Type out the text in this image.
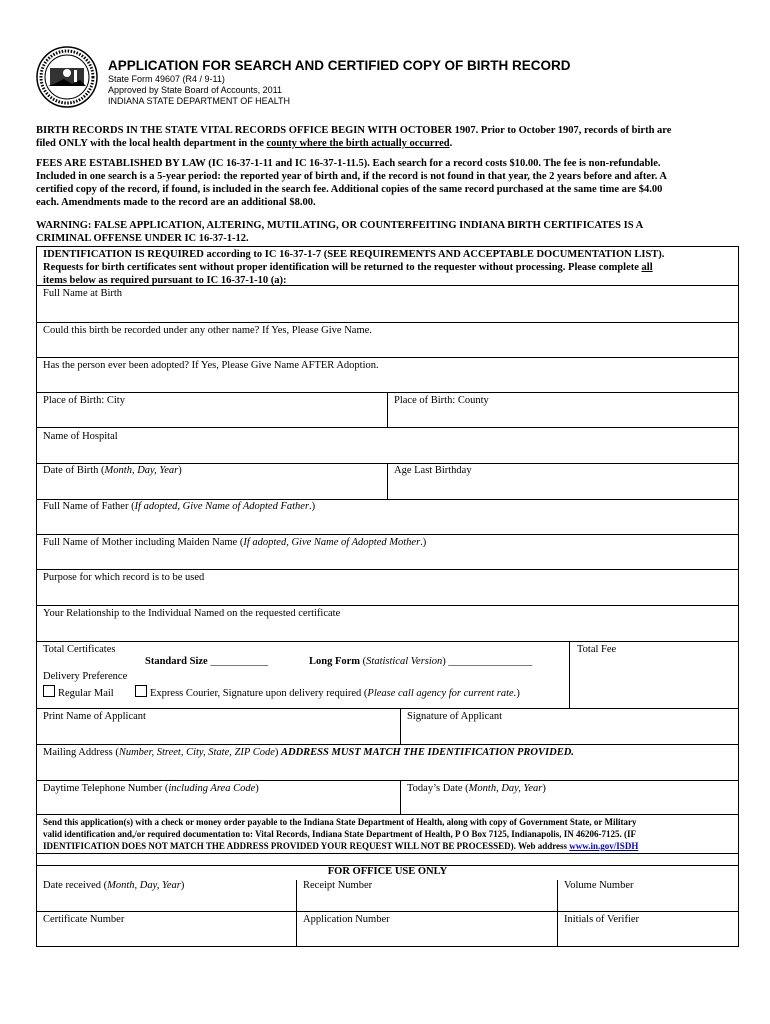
APPLICATION FOR SEARCH AND CERTIFIED COPY OF BIRTH RECORD
State Form 49607 (R4 / 9-11)
Approved by State Board of Accounts, 2011
INDIANA STATE DEPARTMENT OF HEALTH
BIRTH RECORDS IN THE STATE VITAL RECORDS OFFICE BEGIN WITH OCTOBER 1907. Prior to October 1907, records of birth are
filed ONLY with the local health department in the county where the birth actually occurred.
FEES ARE ESTABLISHED BY LAW (IC 16-37-1-11 and IC 16-37-1-11.5). Each search for a record costs $10.00. The fee is non-refundable.
Included in one search is a 5-year period: the reported year of birth and, if the record is not found in that year, the 2 years before and after. A
certified copy of the record, if found, is included in the search fee. Additional copies of the same record purchased at the same time are $4.00
each. Amendments made to the record are an additional $8.00.
WARNING: FALSE APPLICATION, ALTERING, MUTILATING, OR COUNTERFEITING INDIANA BIRTH CERTIFICATES IS A
CRIMINAL OFFENSE UNDER IC 16-37-1-12.
IDENTIFICATION IS REQUIRED according to IC 16-37-1-7 (SEE REQUIREMENTS AND ACCEPTABLE DOCUMENTATION LIST).
Requests for birth certificates sent without proper identification will be returned to the requester without processing. Please complete all
items below as required pursuant to IC 16-37-1-10 (a):
Full Name at Birth
Could this birth be recorded under any other name? If Yes, Please Give Name.
Has the person ever been adopted? If Yes, Please Give Name AFTER Adoption.
Place of Birth: City	Place of Birth: County
Name of Hospital
Date of Birth (Month, Day, Year)	Age Last Birthday
Full Name of Father (If adopted, Give Name of Adopted Father.)
Full Name of Mother including Maiden Name (If adopted, Give Name of Adopted Mother.)
Purpose for which record is to be used
Your Relationship to the Individual Named on the requested certificate
Total Certificates
Standard Size ___________	Long Form (Statistical Version) ________________
Total Fee
Delivery Preference
Regular Mail	Express Courier, Signature upon delivery required (Please call agency for current rate.)
Print Name of Applicant	Signature of Applicant
Mailing Address (Number, Street, City, State, ZIP Code) ADDRESS MUST MATCH THE IDENTIFICATION PROVIDED.
Daytime Telephone Number (including Area Code)	Today’s Date (Month, Day, Year)
Send this application(s) with a check or money order payable to the Indiana State Department of Health, along with copy of Government State, or Military
valid identification and,/or required documentation to: Vital Records, Indiana State Department of Health, P O Box 7125, Indianapolis, IN 46206-7125. (IF
IDENTIFICATION DOES NOT MATCH THE ADDRESS PROVIDED YOUR REQUEST WILL NOT BE PROCESSED). Web address www.in.gov/ISDH
FOR OFFICE USE ONLY
Date received (Month, Day, Year)	Receipt Number	Volume Number
Certificate Number	Application Number	Initials of Verifier
